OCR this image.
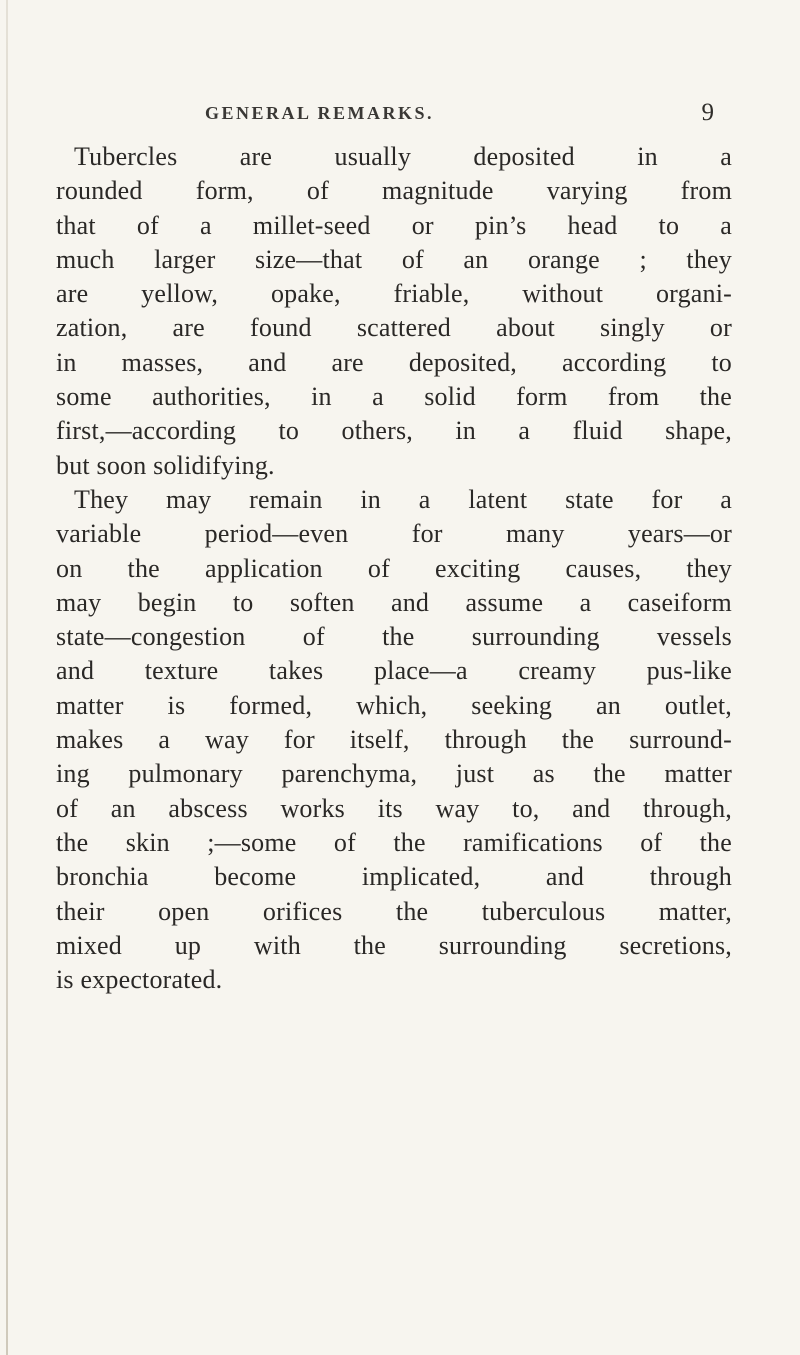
GENERAL REMARKS.	9
Tubercles are usually deposited in a
rounded form, of magnitude varying from
that of a millet-seed or pin’s head to a
much larger size—that of an orange ; they
are yellow, opake, friable, without organi-
zation, are found scattered about singly or
in masses, and are deposited, according to
some authorities, in a solid form from the
first,—according to others, in a fluid shape,
but soon solidifying.
They may remain in a latent state for a
variable period—even for many years—or
on the application of exciting causes, they
may begin to soften and assume a caseiform
state—congestion of the surrounding vessels
and texture takes place—a creamy pus-like
matter is formed, which, seeking an outlet,
makes a way for itself, through the surround-
ing pulmonary parenchyma, just as the matter
of an abscess works its way to, and through,
the skin ;—some of the ramifications of the
bronchia become implicated, and through
their open orifices the tuberculous matter,
mixed up with the surrounding secretions,
is expectorated.
